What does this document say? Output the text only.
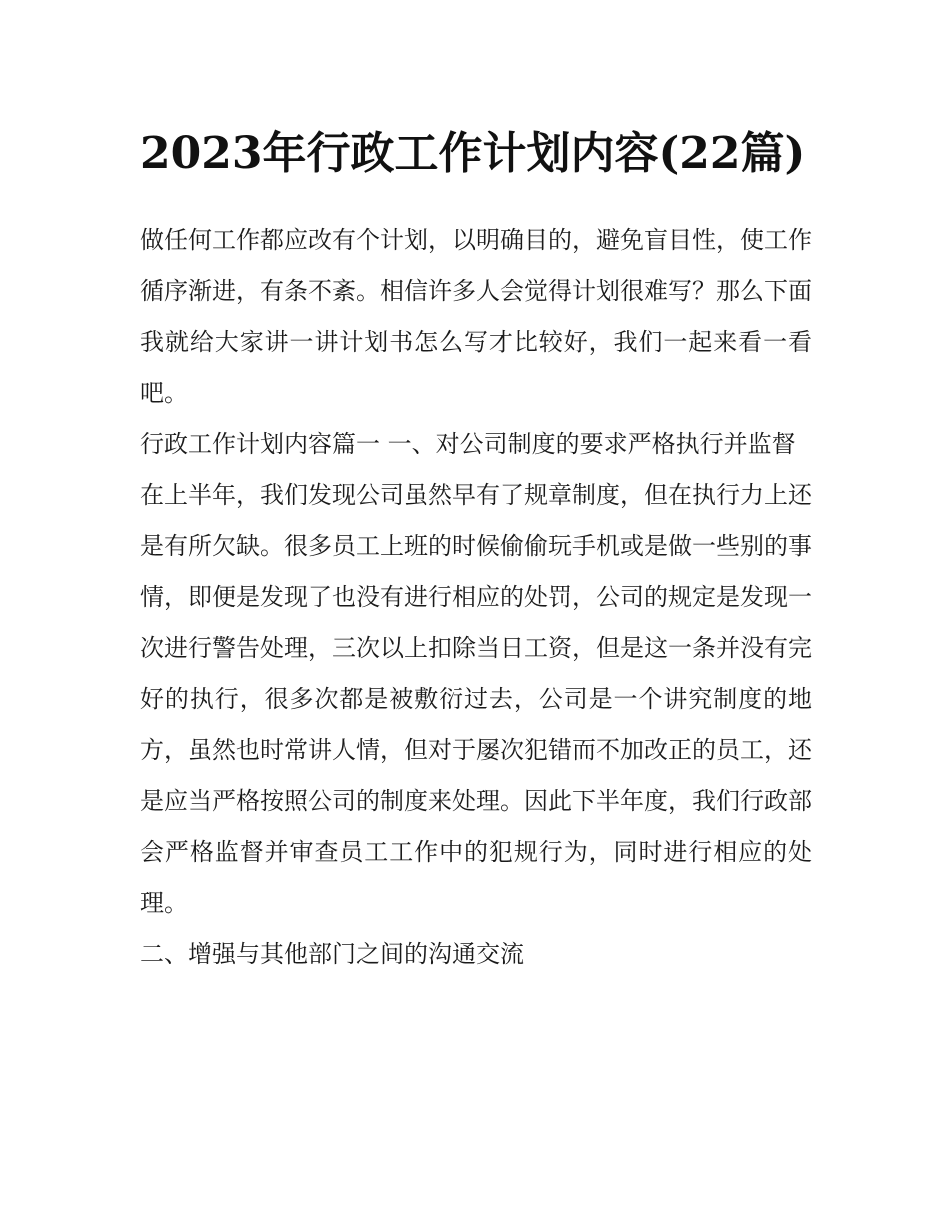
2023年行政工作计划内容(22篇)

做任何工作都应改有个计划，以明确目的，避免盲目性，使工作循序渐进，有条不紊。相信许多人会觉得计划很难写？那么下面我就给大家讲一讲计划书怎么写才比较好，我们一起来看一看吧。

行政工作计划内容篇一 一、对公司制度的要求严格执行并监督

在上半年，我们发现公司虽然早有了规章制度，但在执行力上还是有所欠缺。很多员工上班的时候偷偷玩手机或是做一些别的事情，即便是发现了也没有进行相应的处罚，公司的规定是发现一次进行警告处理，三次以上扣除当日工资，但是这一条并没有完好的执行，很多次都是被敷衍过去，公司是一个讲究制度的地方，虽然也时常讲人情，但对于屡次犯错而不加改正的员工，还是应当严格按照公司的制度来处理。因此下半年度，我们行政部会严格监督并审查员工工作中的犯规行为，同时进行相应的处理。

二、增强与其他部门之间的沟通交流
